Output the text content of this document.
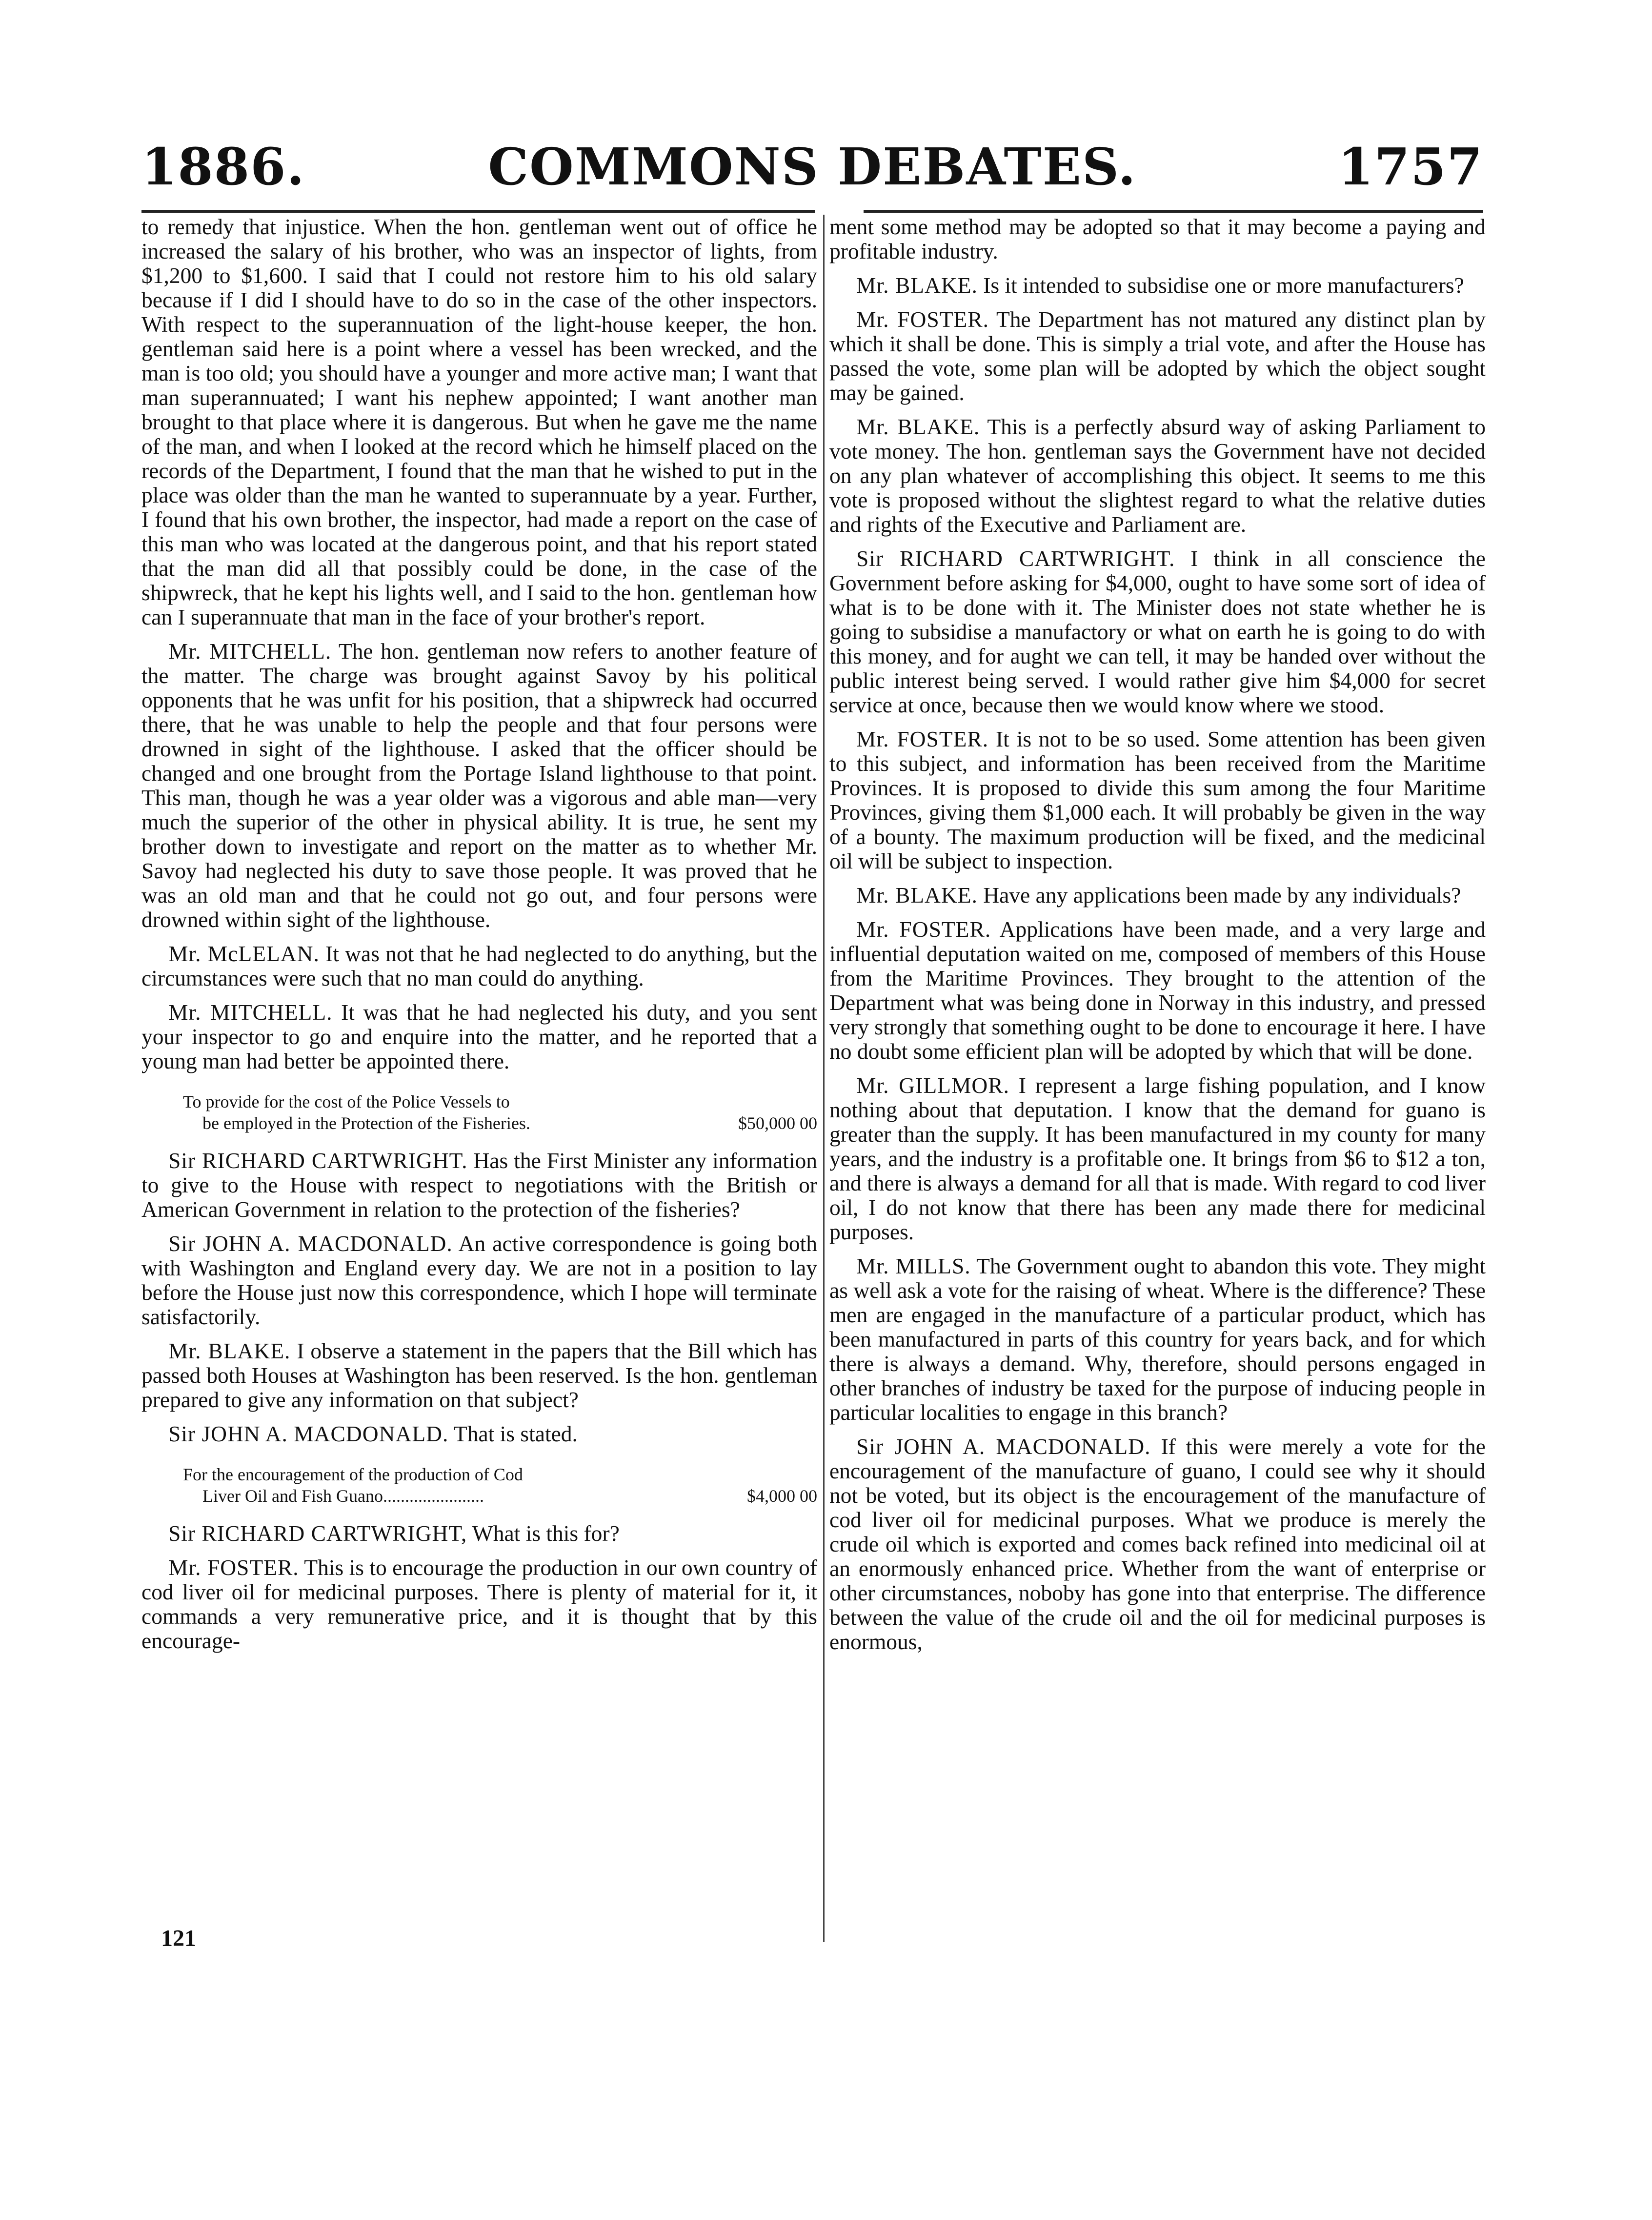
1886.	COMMONS DEBATES.	1757

to remedy that injustice. When the hon. gentleman went out of office he increased the salary of his brother, who was an inspector of lights, from $1,200 to $1,600. I said that I could not restore him to his old salary because if I did I should have to do so in the case of the other inspectors. With respect to the superannuation of the light-house keeper, the hon. gentleman said here is a point where a vessel has been wrecked, and the man is too old; you should have a younger and more active man; I want that man superannuated; I want his nephew appointed; I want another man brought to that place where it is dangerous. But when he gave me the name of the man, and when I looked at the record which he himself placed on the records of the Department, I found that the man that he wished to put in the place was older than the man he wanted to superannuate by a year. Further, I found that his own brother, the inspector, had made a report on the case of this man who was located at the dangerous point, and that his report stated that the man did all that possibly could be done, in the case of the shipwreck, that he kept his lights well, and I said to the hon. gentleman how can I superannuate that man in the face of your brother's report.

Mr. MITCHELL. The hon. gentleman now refers to another feature of the matter. The charge was brought against Savoy by his political opponents that he was unfit for his position, that a shipwreck had occurred there, that he was unable to help the people and that four persons were drowned in sight of the lighthouse. I asked that the officer should be changed and one brought from the Portage Island lighthouse to that point. This man, though he was a year older was a vigorous and able man—very much the superior of the other in physical ability. It is true, he sent my brother down to investigate and report on the matter as to whether Mr. Savoy had neglected his duty to save those people. It was proved that he was an old man and that he could not go out, and four persons were drowned within sight of the lighthouse.

Mr. McLELAN. It was not that he had neglected to do anything, but the circumstances were such that no man could do anything.

Mr. MITCHELL. It was that he had neglected his duty, and you sent your inspector to go and enquire into the matter, and he reported that a young man had better be appointed there.

To provide for the cost of the Police Vessels to
$50,000 00
be employed in the Protection of the Fisheries.

Sir RICHARD CARTWRIGHT. Has the First Minister any information to give to the House with respect to negotiations with the British or American Government in relation to the protection of the fisheries?

Sir JOHN A. MACDONALD. An active correspondence is going both with Washington and England every day. We are not in a position to lay before the House just now this correspondence, which I hope will terminate satisfactorily.

Mr. BLAKE. I observe a statement in the papers that the Bill which has passed both Houses at Washington has been reserved. Is the hon. gentleman prepared to give any information on that subject?

Sir JOHN A. MACDONALD. That is stated.

For the encouragement of the production of Cod
$4,000 00
Liver Oil and Fish Guano.......................

Sir RICHARD CARTWRIGHT, What is this for?

Mr. FOSTER. This is to encourage the production in our own country of cod liver oil for medicinal purposes. There is plenty of material for it, it commands a very remunerative price, and it is thought that by this encourage-

ment some method may be adopted so that it may become a paying and profitable industry.

Mr. BLAKE. Is it intended to subsidise one or more manufacturers?

Mr. FOSTER. The Department has not matured any distinct plan by which it shall be done. This is simply a trial vote, and after the House has passed the vote, some plan will be adopted by which the object sought may be gained.

Mr. BLAKE. This is a perfectly absurd way of asking Parliament to vote money. The hon. gentleman says the Government have not decided on any plan whatever of accomplishing this object. It seems to me this vote is proposed without the slightest regard to what the relative duties and rights of the Executive and Parliament are.

Sir RICHARD CARTWRIGHT. I think in all conscience the Government before asking for $4,000, ought to have some sort of idea of what is to be done with it. The Minister does not state whether he is going to subsidise a manufactory or what on earth he is going to do with this money, and for aught we can tell, it may be handed over without the public interest being served. I would rather give him $4,000 for secret service at once, because then we would know where we stood.

Mr. FOSTER. It is not to be so used. Some attention has been given to this subject, and information has been received from the Maritime Provinces. It is proposed to divide this sum among the four Maritime Provinces, giving them $1,000 each. It will probably be given in the way of a bounty. The maximum production will be fixed, and the medicinal oil will be subject to inspection.

Mr. BLAKE. Have any applications been made by any individuals?

Mr. FOSTER. Applications have been made, and a very large and influential deputation waited on me, composed of members of this House from the Maritime Provinces. They brought to the attention of the Department what was being done in Norway in this industry, and pressed very strongly that something ought to be done to encourage it here. I have no doubt some efficient plan will be adopted by which that will be done.

Mr. GILLMOR. I represent a large fishing population, and I know nothing about that deputation. I know that the demand for guano is greater than the supply. It has been manufactured in my county for many years, and the industry is a profitable one. It brings from $6 to $12 a ton, and there is always a demand for all that is made. With regard to cod liver oil, I do not know that there has been any made there for medicinal purposes.

Mr. MILLS. The Government ought to abandon this vote. They might as well ask a vote for the raising of wheat. Where is the difference? These men are engaged in the manufacture of a particular product, which has been manufactured in parts of this country for years back, and for which there is always a demand. Why, therefore, should persons engaged in other branches of industry be taxed for the purpose of inducing people in particular localities to engage in this branch?

Sir JOHN A. MACDONALD. If this were merely a vote for the encouragement of the manufacture of guano, I could see why it should not be voted, but its object is the encouragement of the manufacture of cod liver oil for medicinal purposes. What we produce is merely the crude oil which is exported and comes back refined into medicinal oil at an enormously enhanced price. Whether from the want of enterprise or other circumstances, noboby has gone into that enterprise. The difference between the value of the crude oil and the oil for medicinal purposes is enormous,

121
